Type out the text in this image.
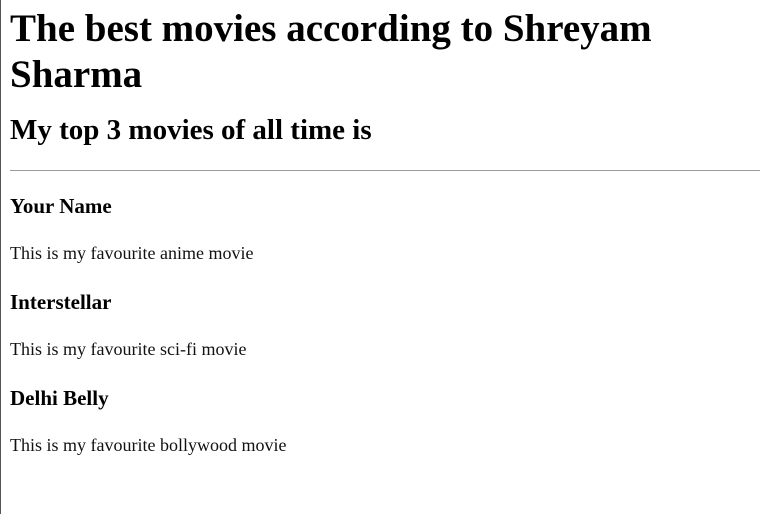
The best movies according to Shreyam Sharma
My top 3 movies of all time is
Your Name

This is my favourite anime movie

Interstellar

This is my favourite sci-fi movie

Delhi Belly

This is my favourite bollywood movie
